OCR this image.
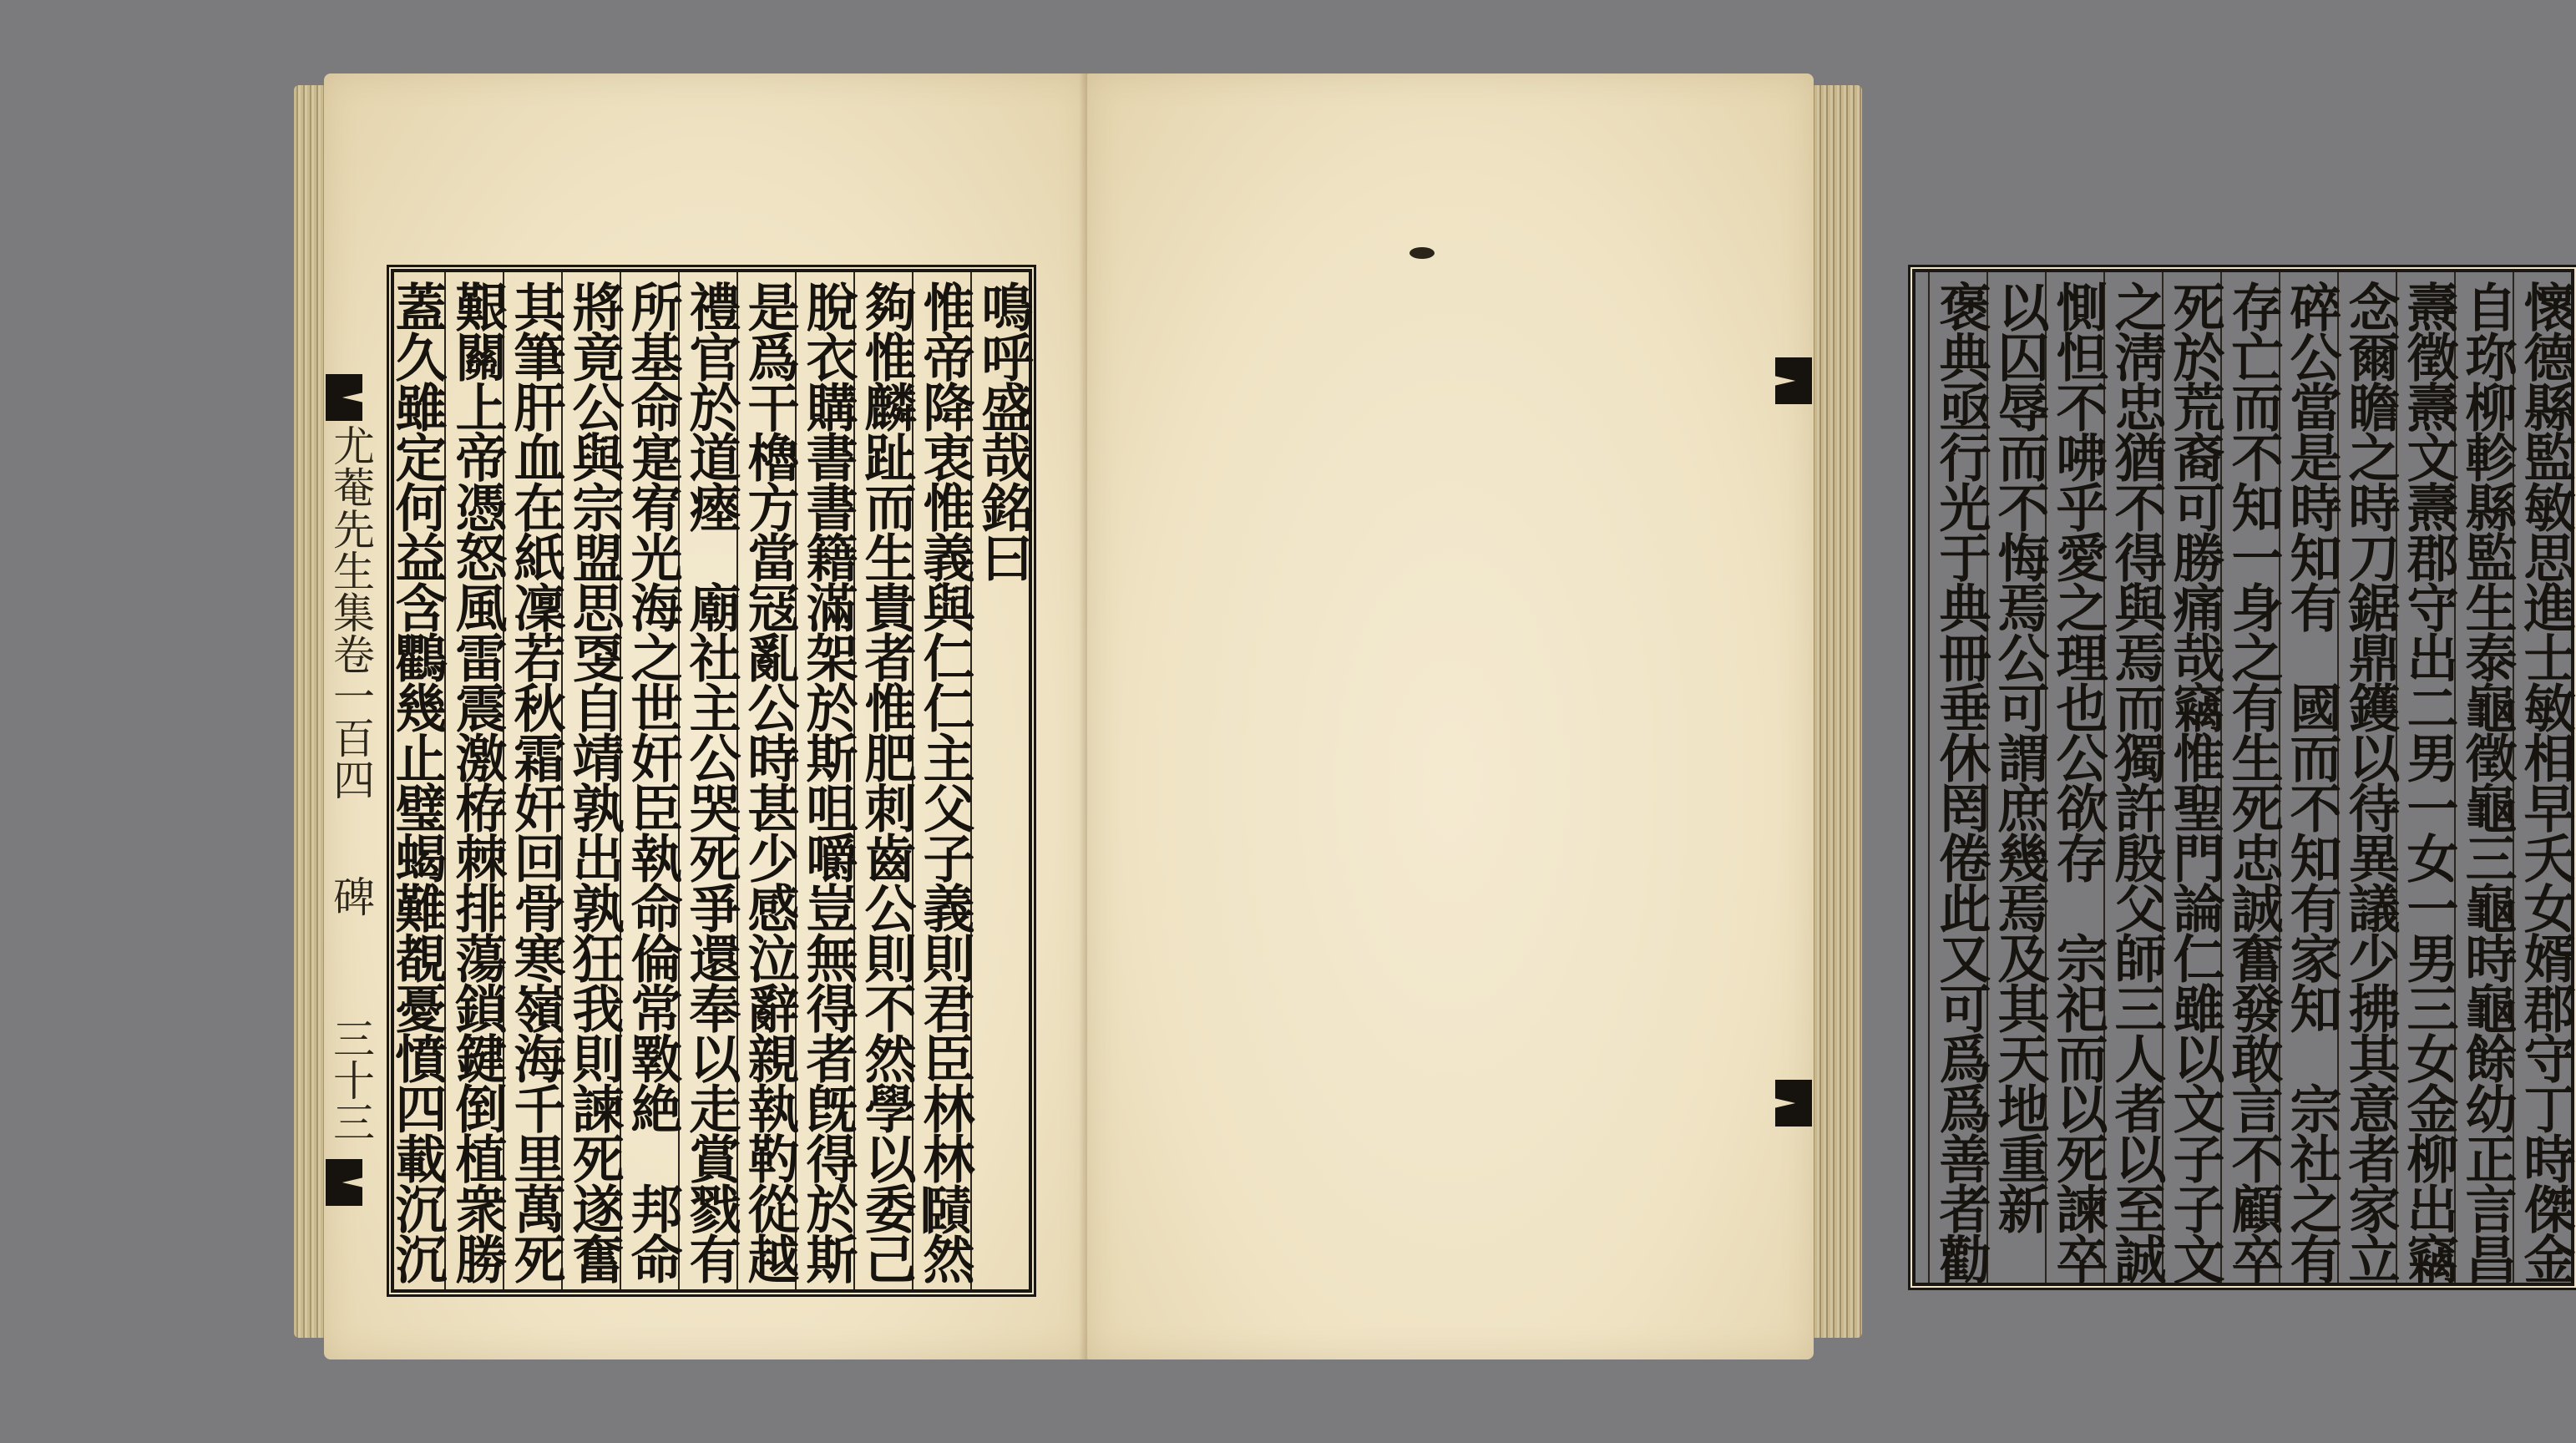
鳴呼盛哉銘曰
惟帝降衷惟義與仁仁主父子義則君臣林林𧷤然
夠惟麟趾而生貴者惟肥刺齒公則不然學以委己
脫衣購書書籍滿架於斯咀嚼豈無得者旣得於斯
是爲干櫓方當冦亂公時甚少感泣辭親執靮從越
禮官於道瘞　廟社主公哭死爭還奉以走賞戮有
所基命寔宥光海之世奸臣執命倫常斁絶　邦命
將竟公與宗盟思㪅自靖孰出孰狂我則諫死遂奮
其筆肝血在紙凜若秋霜奸回骨寒嶺海千里萬死
艱關上帝憑怒風雷震激栫棘排蕩鎖鍵倒植衆勝
蓋久雖定何益含鸜幾止璧蝎難覩憂憤四載沉沉
尤菴先生集卷一百四
碑
三十三	懷德縣監敏思進士敏相早夭女婿郡守丁時傑金
自珎柳軫縣監生泰龜徵龜三龜時龜餘幼正言昌
燾徵燾文燾郡守出二男一女一男三女金柳出竊
念爾瞻之時刀鋸鼎鑊以待異議少拂其意者家立
碎公當是時知有　國而不知有家知　宗社之有
存亡而不知一身之有生死忠誠奮發敢言不顧卒
死於荒裔可勝痛哉竊惟聖門論仁雖以文子子文
之淸忠猶不得與焉而獨許殷父師三人者以至誠
惻怛不咈乎愛之理也公欲存　宗祀而以死諫卒
以囚辱而不悔焉公可謂庶幾焉及其天地重新
褒典亟行光于典冊垂休罔倦此又可爲爲善者勸
